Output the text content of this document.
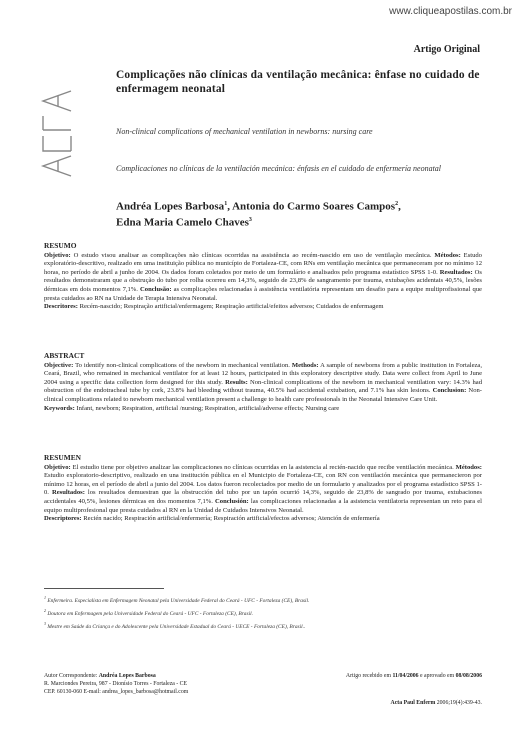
www.cliqueapostilas.com.br
Artigo Original
Complicações não clínicas da ventilação mecânica: ênfase no cuidado de enfermagem neonatal
Non-clinical complications of mechanical ventilation in newborns: nursing care
Complicaciones no clínicas de la ventilación mecánica: énfasis en el cuidado de enfermería neonatal
Andréa Lopes Barbosa$^1$, Antonia do Carmo Soares Campos$^2$,
Edna Maria Camelo Chaves$^3$
RESUMO

Objetivo: O estudo visou analisar as complicações não clínicas ocorridas na assistência ao recém-nascido em uso de ventilação mecânica. Métodos: Estudo exploratório-descritivo, realizado em uma instituição pública no município de Fortaleza-CE, com RNs em ventilação mecânica que permaneceram por no mínimo 12 horas, no período de abril a junho de 2004. Os dados foram coletados por meio de um formulário e analisados pelo programa estatístico SPSS 1-0. Resultados: Os resultados demonstraram que a obstrução do tubo por rolha ocorreu em 14,3%, seguido de 23,8% de sangramento por trauma, extubações acidentais 40,5%, lesões dérmicas em dois momentos 7,1%. Conclusão: as complicações relacionadas à assistência ventilatória representam um desafio para a equipe multiprofissional que presta cuidados ao RN na Unidade de Terapia Intensiva Neonatal.

Descritores: Recém-nascido; Respiração artificial/enfermagem; Respiração artificial/efeitos adversos; Cuidados de enfermagem

ABSTRACT

Objective: To identify non-clinical complications of the newborn in mechanical ventilation. Methods: A sample of newborns from a public institution in Fortaleza, Ceará, Brazil, who remained in mechanical ventilator for at least 12 hours, participated in this exploratory descriptive study. Data were collect from April to June 2004 using a specific data collection form designed for this study. Results: Non-clinical complications of the newborn in mechanical ventilation vary: 14.3% had obstruction of the endotracheal tube by cork, 23.8% had bleeding without trauma, 40.5% had accidental extubation, and 7.1% has skin lesions. Conclusion: Non-clinical complications related to newborn mechanical ventilation present a challenge to health care professionals in the Neonatal Intensive Care Unit.

Keywords: Infant, newborn; Respiration, artificial /nursing; Respiration, artificial/adverse effects; Nursing care

RESUMEN

Objetivo: El estudio tiene por objetivo analizar las complicaciones no clínicas ocurridas en la asistencia al recién-nacido que recibe ventilación mecánica. Métodos: Estudio exploratorio-descriptivo, realizado en una institución pública en el Municipio de Fortaleza-CE, con RN con ventilación mecánica que permanecieron por mínimo 12 horas, en el período de abril a junio del 2004. Los datos fueron recolectados por medio de un formulario y analizados por el programa estadístico SPSS 1-0. Resultados: los resultados demuestran que la obstrucción del tubo por un tapón ocurrió 14,3%, seguido de 23,8% de sangrado por trauma, extubaciones accidentales 40,5%, lesiones dérmicas en dos momentos 7,1%. Conclusión: las complicaciones relacionadas a la asistencia ventilatoria representan un reto para el equipo multiprofesional que presta cuidados al RN en la Unidad de Cuidados Intensivos Neonatal.

Descriptores: Recién nacido; Respiración artificial/enfermería; Respiración artificial/efectos adversos; Atención de enfermería

$^1$ Enfermeira. Especialista em Enfermagem Neonatal pela Universidade Federal do Ceará - UFC - Fortaleza (CE), Brasil.
$^2$ Doutora em Enfermagem pela Universidade Federal do Ceará - UFC - Fortaleza (CE), Brasil.
$^3$ Mestre em Saúde da Criança e do Adolescente pela Universidade Estadual do Ceará - UECE - Fortaleza (CE), Brasil..
Autor Correspondente: Andréa Lopes Barbosa
R. Marciondes Pereira, 987 - Dionísio Torres - Fortaleza - CE
CEP. 60130-060 E-mail: andrea_lopes_barbosa@hotmail.com
Artigo recebido em 11/04/2006 e aprovado em 08/08/2006
Acta Paul Enferm 2006;19(4):439-43.
